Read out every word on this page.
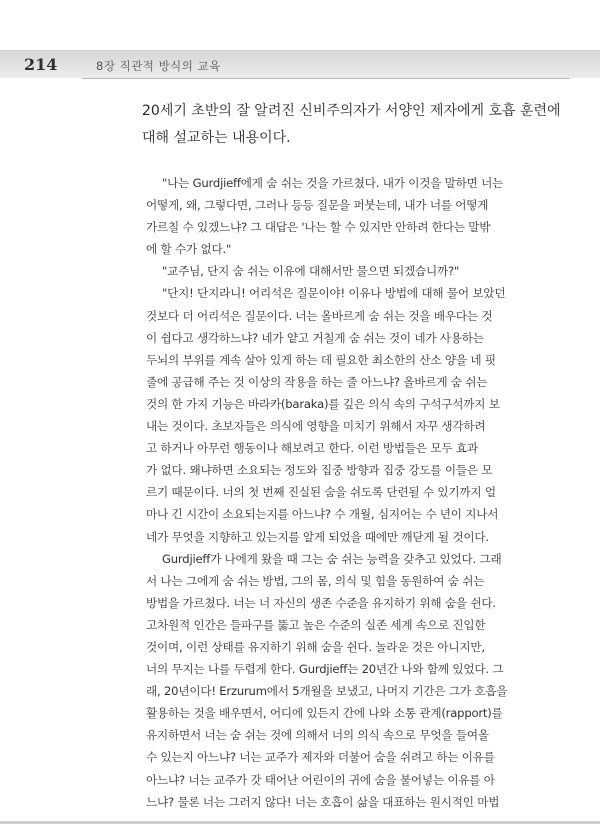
214	8장 직관적 방식의 교육
20세기 초반의 잘 알려진 신비주의자가 서양인 제자에게 호흡 훈련에
대해 설교하는 내용이다.
"나는 Gurdjieff에게 숨 쉬는 것을 가르쳤다. 내가 이것을 말하면 너는
어떻게, 왜, 그렇다면, 그러나 등등 질문을 퍼붓는데, 내가 너를 어떻게
가르칠 수 있겠느냐? 그 대답은 '나는 할 수 있지만 안하려 한다는 말밖
에 할 수가 없다."
"교주님, 단지 숨 쉬는 이유에 대해서만 물으면 되겠습니까?"
"단지! 단지라니! 어리석은 질문이야! 이유나 방법에 대해 물어 보았던
것보다 더 어리석은 질문이다. 너는 올바르게 숨 쉬는 것을 배우다는 것
이 쉽다고 생각하느냐? 네가 얕고 거칠게 숨 쉬는 것이 네가 사용하는
두뇌의 부위를 계속 살아 있게 하는 데 필요한 최소한의 산소 양을 네 핏
줄에 공급해 주는 것 이상의 작용을 하는 줄 아느냐? 올바르게 숨 쉬는
것의 한 가지 기능은 바라카(baraka)를 깊은 의식 속의 구석구석까지 보
내는 것이다. 초보자들은 의식에 영향을 미치기 위해서 자꾸 생각하려
고 하거나 아무런 행동이나 해보려고 한다. 이런 방법들은 모두 효과
가 없다. 왜냐하면 소요되는 정도와 집중 방향과 집중 강도를 이들은 모
르기 때문이다. 너의 첫 번째 진실된 숨을 쉬도록 단련될 수 있기까지 얼
마나 긴 시간이 소요되는지를 아느냐? 수 개월, 심지어는 수 년이 지나서
네가 무엇을 지향하고 있는지를 알게 되었을 때에만 깨닫게 될 것이다.
Gurdjieff가 나에게 왔을 때 그는 숨 쉬는 능력을 갖추고 있었다. 그래
서 나는 그에게 숨 쉬는 방법, 그의 몸, 의식 및 힘을 동원하여 숨 쉬는
방법을 가르쳤다. 너는 너 자신의 생존 수준을 유지하기 위해 숨을 쉰다.
고차원적 인간은 들파구를 뚫고 높은 수준의 실존 세계 속으로 진입한
것이며, 이런 상태를 유지하기 위해 숨을 쉰다. 놀라운 것은 아니지만,
너의 무지는 나를 두렵게 한다. Gurdjieff는 20년간 나와 함께 있었다. 그
래, 20년이다! Erzurum에서 5개월을 보냈고, 나머지 기간은 그가 호흡을
활용하는 것을 배우면서, 어디에 있든지 간에 나와 소통 관계(rapport)를
유지하면서 너는 숨 쉬는 것에 의해서 너의 의식 속으로 무엇을 들여올
수 있는지 아느냐? 너는 교주가 제자와 더불어 숨을 쉬려고 하는 이유를
아느냐? 너는 교주가 갓 태어난 어린이의 귀에 숨을 불어넣는 이유를 아
느냐? 물론 너는 그러지 않다! 너는 호흡이 삶을 대표하는 원시적인 마법
